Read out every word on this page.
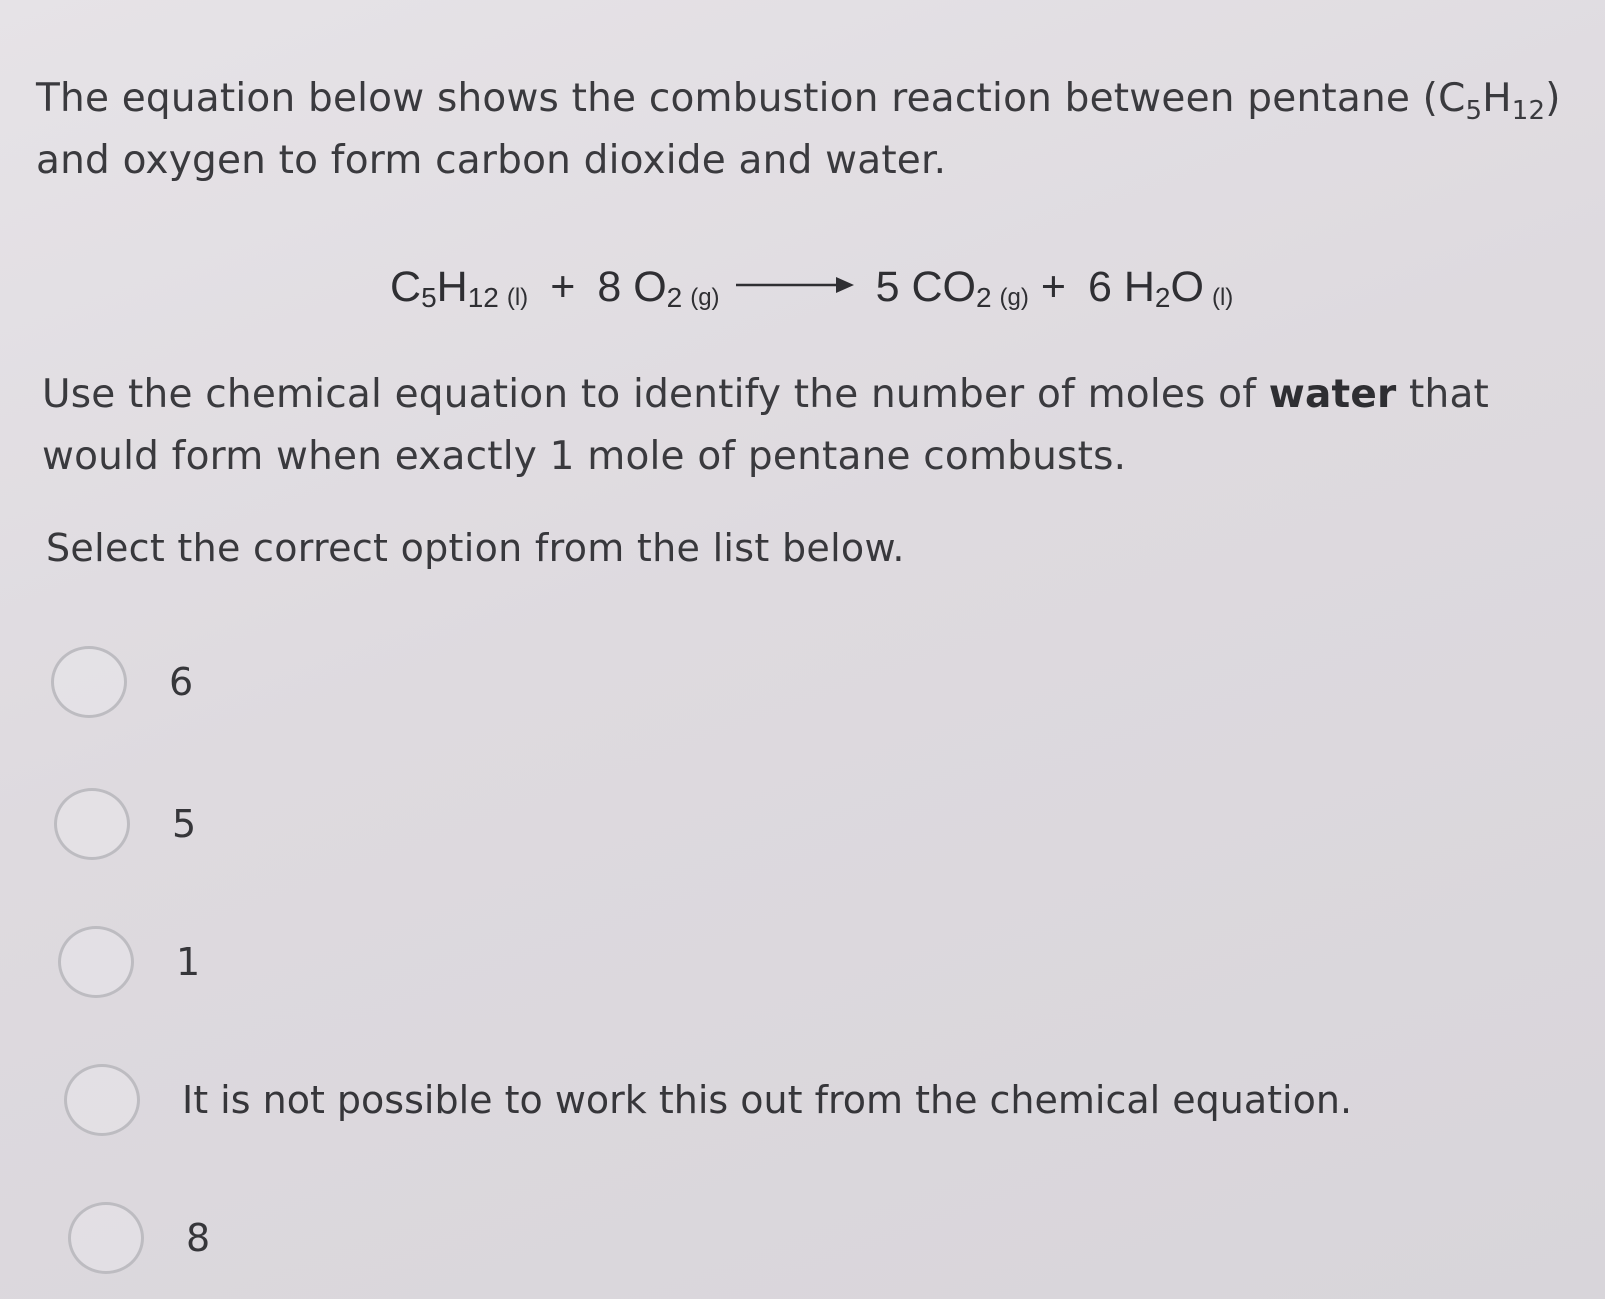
The equation below shows the combustion reaction between pentane $(C_5H_{12})$
and oxygen to form carbon dioxide and water.
$C_5H_{12}$ (l) + 8 $O_2$ (g) → 5 $CO_2$ (g) + 6 $H_2O$ (l)
Use the chemical equation to identify the number of moles of water that would form when exactly 1 mole of pentane combusts.
Select the correct option from the list below.
6
5
1
It is not possible to work this out from the chemical equation.
8
